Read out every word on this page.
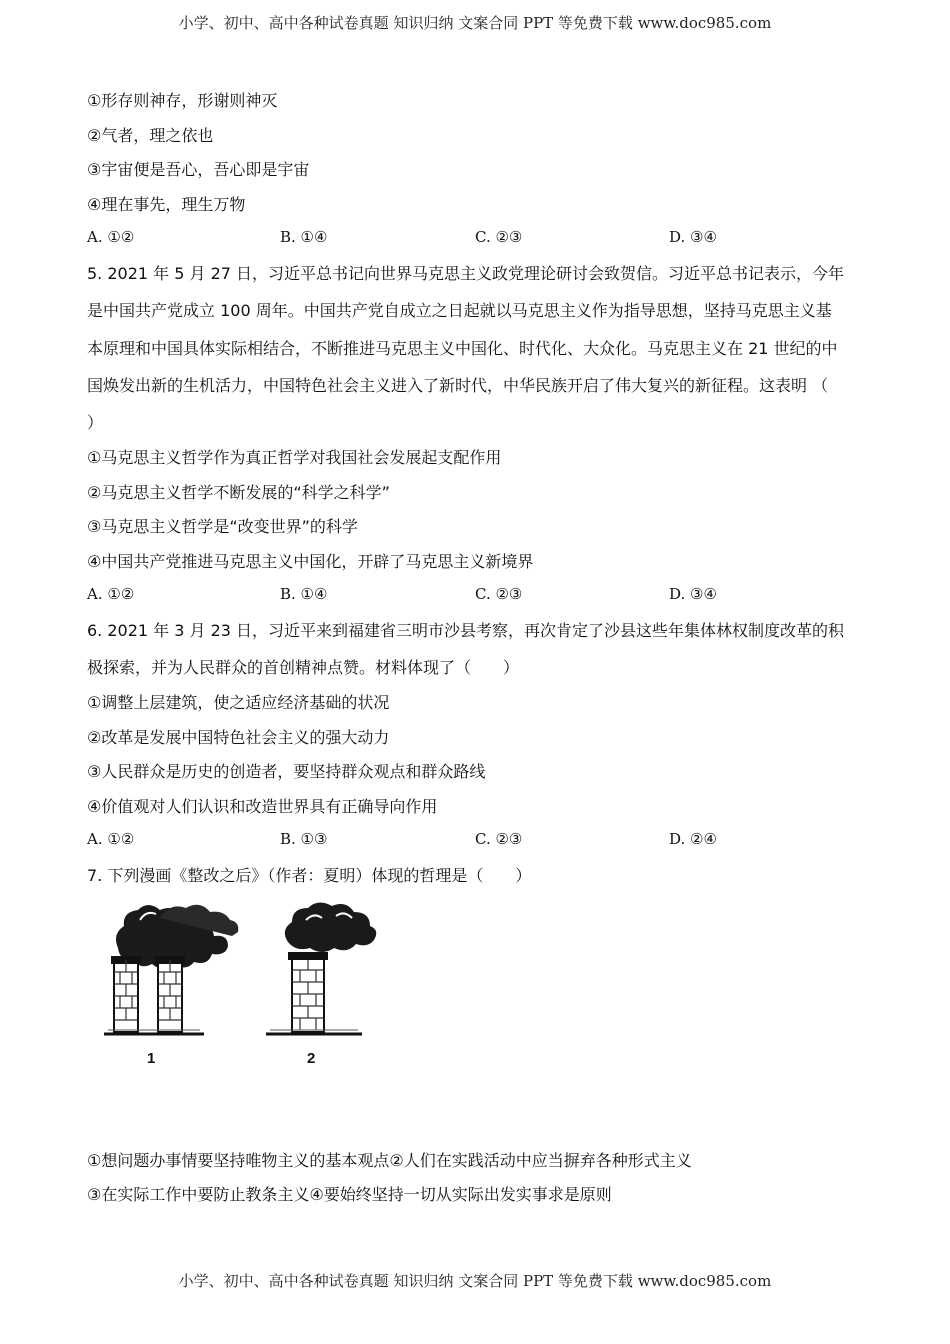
小学、初中、高中各种试卷真题 知识归纳 文案合同 PPT 等免费下载 www.doc985.com
①形存则神存，形谢则神灭
②气者，理之依也
③宇宙便是吾心，吾心即是宇宙
④理在事先，理生万物
A. ①②	B. ①④	C. ②③	D. ③④
5. 2021 年 5 月 27 日，习近平总书记向世界马克思主义政党理论研讨会致贺信。习近平总书记表示，今年
是中国共产党成立 100 周年。中国共产党自成立之日起就以马克思主义作为指导思想，坚持马克思主义基
本原理和中国具体实际相结合，不断推进马克思主义中国化、时代化、大众化。马克思主义在 21 世纪的中
国焕发出新的生机活力，中国特色社会主义进入了新时代，中华民族开启了伟大复兴的新征程。这表明 （
）
①马克思主义哲学作为真正哲学对我国社会发展起支配作用
②马克思主义哲学不断发展的“科学之科学”
③马克思主义哲学是“改变世界”的科学
④中国共产党推进马克思主义中国化，开辟了马克思主义新境界
A. ①②	B. ①④	C. ②③	D. ③④
6. 2021 年 3 月 23 日，习近平来到福建省三明市沙县考察，再次肯定了沙县这些年集体林权制度改革的积
极探索，并为人民群众的首创精神点赞。材料体现了（　　）
①调整上层建筑，使之适应经济基础的状况
②改革是发展中国特色社会主义的强大动力
③人民群众是历史的创造者，要坚持群众观点和群众路线
④价值观对人们认识和改造世界具有正确导向作用
A. ①②	B. ①③	C. ②③	D. ②④
7. 下列漫画《整改之后》（作者：夏明）体现的哲理是（　　）
1	2
①想问题办事情要坚持唯物主义的基本观点②人们在实践活动中应当摒弃各种形式主义
③在实际工作中要防止教条主义④要始终坚持一切从实际出发实事求是原则
小学、初中、高中各种试卷真题 知识归纳 文案合同 PPT 等免费下载 www.doc985.com
